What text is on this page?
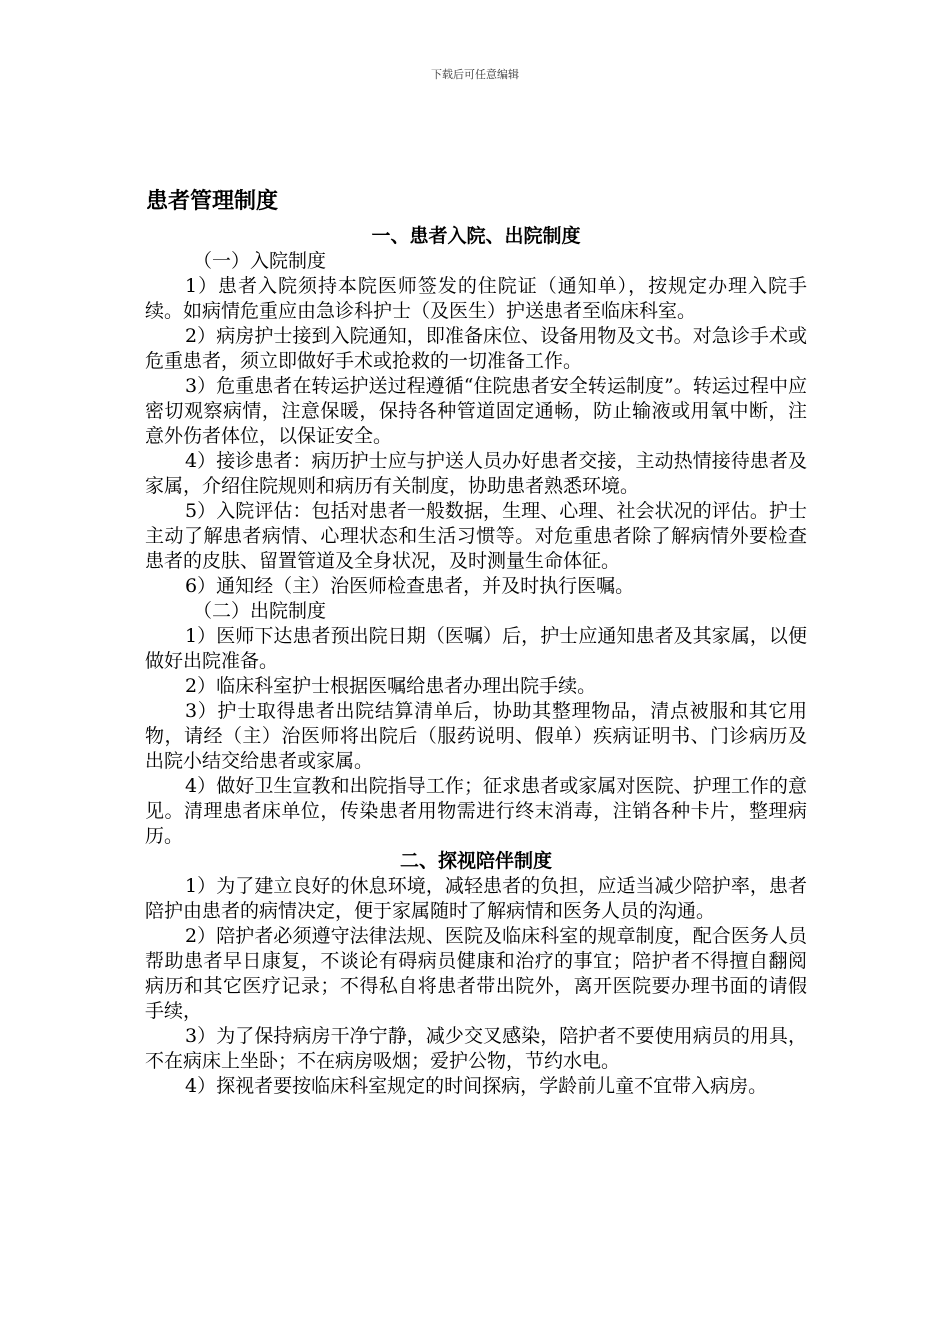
下载后可任意编辑
患者管理制度
一、患者入院、出院制度
（一）入院制度
1）患者入院须持本院医师签发的住院证（通知单），按规定办理入院手续。如病情危重应由急诊科护士（及医生）护送患者至临床科室。
2）病房护士接到入院通知，即准备床位、设备用物及文书。对急诊手术或危重患者，须立即做好手术或抢救的一切准备工作。
3）危重患者在转运护送过程遵循“住院患者安全转运制度”。转运过程中应密切观察病情，注意保暖，保持各种管道固定通畅，防止输液或用氧中断，注意外伤者体位，以保证安全。
4）接诊患者：病历护士应与护送人员办好患者交接，主动热情接待患者及家属，介绍住院规则和病历有关制度，协助患者熟悉环境。
5）入院评估：包括对患者一般数据，生理、心理、社会状况的评估。护士主动了解患者病情、心理状态和生活习惯等。对危重患者除了解病情外要检查患者的皮肤、留置管道及全身状况，及时测量生命体征。
6）通知经（主）治医师检查患者，并及时执行医嘱。
（二）出院制度
1）医师下达患者预出院日期（医嘱）后，护士应通知患者及其家属，以便做好出院准备。
2）临床科室护士根据医嘱给患者办理出院手续。
3）护士取得患者出院结算清单后，协助其整理物品，清点被服和其它用物，请经（主）治医师将出院后（服药说明、假单）疾病证明书、门诊病历及出院小结交给患者或家属。
4）做好卫生宣教和出院指导工作；征求患者或家属对医院、护理工作的意见。清理患者床单位，传染患者用物需进行终末消毒，注销各种卡片，整理病历。
二、探视陪伴制度
1）为了建立良好的休息环境，减轻患者的负担，应适当减少陪护率，患者陪护由患者的病情决定，便于家属随时了解病情和医务人员的沟通。
2）陪护者必须遵守法律法规、医院及临床科室的规章制度，配合医务人员帮助患者早日康复，不谈论有碍病员健康和治疗的事宜；陪护者不得擅自翻阅病历和其它医疗记录；不得私自将患者带出院外，离开医院要办理书面的请假手续，
3）为了保持病房干净宁静，减少交叉感染，陪护者不要使用病员的用具，不在病床上坐卧；不在病房吸烟；爱护公物，节约水电。
4）探视者要按临床科室规定的时间探病，学龄前儿童不宜带入病房。
